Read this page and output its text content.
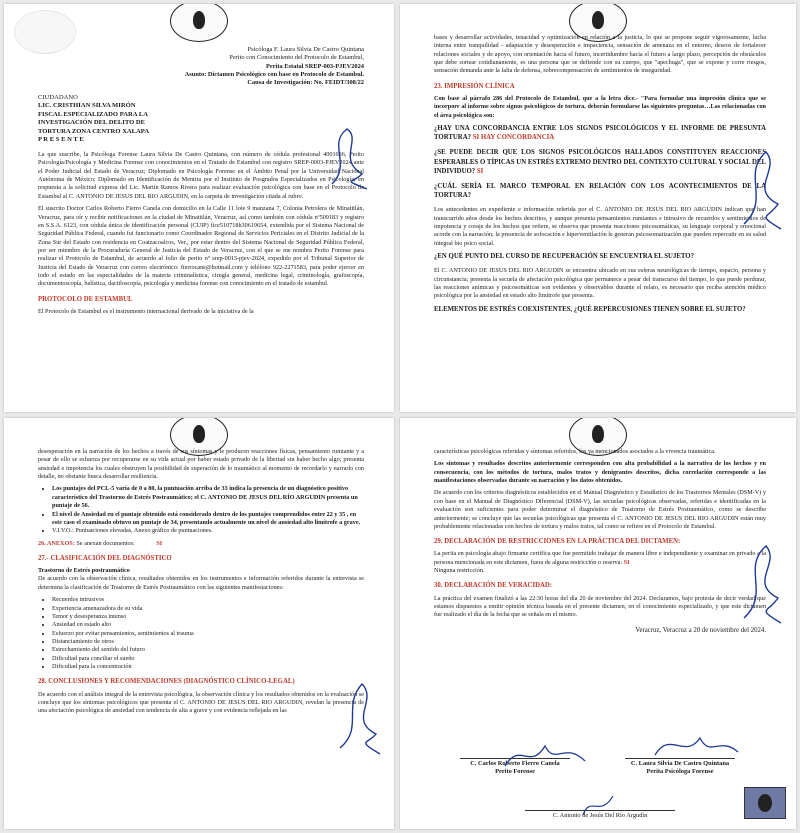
Psicóloga F. Laura Silvia De Castro Quintana
Perito con Conocimiento del Protocolo de Estambul,
Perita Estatal SREP-003-PJEV2024
Asunto: Dictamen Psicológico con base en Protocolo de Estambul.
Causa de Investigación: No. FEIDT/308/22
CIUDADANO
LIC. CRISTHIAN SILVA MIRÓN
FISCAL ESPECIALIZADO PARA LA
INVESTIGACIÓN DEL DELITO DE
TORTURA ZONA CENTRO XALAPA
P R E S E N T E

La que suscribe, la Psicóloga Forense Laura Silvia De Castro Quintana, con número de cédula profesional 4001636, Perito Psicología/Psicología y Medicina Forense con conocimientos en el Tratado de Estambul con registro SREP-0003-PJEV2024 ante el Poder Judicial del Estado de Veracruz; Diplomado en Psicología Forense en el Ámbito Penal por la Universidad Nacional Autónoma de México; Diplomado en Identificación de Mentira por el Instituto de Posgrados Especializados en Psicología; en respuesta a la solicitud expresa del Lic. Martín Ramos Rivera para realizar evaluación psicológica con base en el Protocolo de Estambul al C. ANTONIO DE JESUS DEL RIO ARGUDIN, en la carpeta de investigación citada al rubro.

El suscrito Doctor Carlos Roberto Fierro Canela con domicilio en la Calle 11 lote 9 manzana 7, Colonia Petrolera de Minatitlán, Veracruz, para oír y recibir notificaciones en la ciudad de Minatitlán, Veracruz, así como también con cédula nº509183 y registro en S.S.A. 6123, con cédula única de identificación personal (CUIP) fice510718h30619654, extendida por el Sistema Nacional de Seguridad Pública Federal, cuando fui funcionario como Coordinador Regional de Servicios Periciales en el Distrito Judicial de la Zona Sur del Estado con residencia en Coatzacoalcos, Ver., por estar dentro del Sistema Nacional de Seguridad Pública Federal, por ser miembro de la Procuraduría General de Justicia del Estado de Veracruz, con el que se me nombra Perito Forense para realizar el Protocolo de Estambul, de acuerdo al folio de perito nº srep-0013-pjev-2024, expedido por el Tribunal Superior de Justicia del Estado de Veracruz con correo electrónico: fierrocane@hotmail.com y teléfono 922-2271583, para poder ejercer en todo el estado en las especialidades de la materia criminalística, cirugía general, medicina legal, criminología, grafoscopía, documentoscopía, balística, dactiloscopía, psicología y medicina forense con conocimiento en el tratado de estambul.

PROTOCOLO DE ESTAMBUL

El Protocolo de Estambul es el instrumento internacional derivado de la iniciativa de la

bases y desarrollar actividades, tenacidad y optimización en relación a la justicia, lo que se propone seguir vigorosamente, lucha interna entre tranquilidad - adaptación y desesperación e impaciencia, sensación de amenaza en el entorno, deseos de fortalecer relaciones sociales y de apoyo, con orientación hacia el futuro, incertidumbre hacia el futuro a largo plazo, percepción de obstáculos que debe sortear cotidianamente, es una persona que se defiende con su cuerpo, que "apechuga", que se expone y corre riesgos, sensación demanda ante la falta de defensa, sobrecompensación de sentimientos de inseguridad.

23. IMPRESIÓN CLÍNICA

Con base al párrafo 286 del Protocolo de Estambul, que a la letra dice.- "Para formular una impresión clínica que se incorpore al informe sobre signos psicológicos de tortura, deberán formularse las siguientes preguntas…Las relacionadas con el área psicológica son:

¿HAY UNA CONCORDANCIA ENTRE LOS SIGNOS PSICOLÓGICOS Y EL INFORME DE PRESUNTA TORTURA? SI HAY CONCORDANCIA
¿SE PUEDE DECIR QUE LOS SIGNOS PSICOLÓGICOS HALLADOS CONSTITUYEN REACCIONES ESPERABLES O TÍPICAS UN ESTRÉS EXTREMO DENTRO DEL CONTEXTO CULTURAL Y SOCIAL DEL INDIVIDUO? SI
¿CUÁL SERÍA EL MARCO TEMPORAL EN RELACIÓN CON LOS ACONTECIMIENTOS DE LA TORTURA?

Los antecedentes en expediente e información referida por el C. ANTONIO DE JESUS DEL RIO ARGUDIN indican que han transcurrido años desde los hechos descritos, y aunque presenta pensamientos rumiantes e intrusivo de recuerdos y sentimientos de impotencia y coraje de los hechos que refiere, se observa que presenta reacciones psicosomáticas, su lenguaje corporal y emocional acorde con la narración; la presencia de sofocación e hipervenitlación le generan psicosomatización que pueden repercutir en su salud integral bio psico social.

¿EN QUÉ PUNTO DEL CURSO DE RECUPERACIÓN SE ENCUENTRA EL SUJETO?

El C. ANTONIO DE JESUS DEL RIO ARGUDIN se encuentra ubicado en sus esferas neurológicas de tiempo, espacio, persona y circunstancia; presenta la secuela de afectación psicológica que permanece a pesar del transcurso del tiempo, lo que puede perdurar, las reacciones anímicas y psicosomáticas son evidentes y observables durante el relato, es necesario que reciba atención médico psicológica por la ansiedad en estado alto limítrofe que presenta.

ELEMENTOS DE ESTRÉS COEXISTENTES, ¿QUÉ REPERCUSIONES TIENEN SOBRE EL SUJETO?

desesperación en la narración de los hechos a través de sus síntomas y le producen reacciones físicas, pensamiento rumiante y a pesar de ello se esfuerza por recuperarse en su vida actual por haber estado privado de la libertad sin haber hecho algo; presenta ansiedad e impotencia los cuales obstruyen la posibilidad de superación de lo traumático al momento de recordarlo y narrarlo con detalle, no obstante busca desarrollar resiliencia.

• Los puntajes del PCL-5 varía de 0 a 80, la puntuación arriba de 33 indica la presencia de un diagnóstico positivo característico del Trastorno de Estrés Postraumático; el C. ANTONIO DE JESUS DEL RÍO ARGUDIN presenta un puntaje de 56.
• El nivel de Ansiedad en el puntaje obtenido está considerado dentro de los puntajes comprendidos entre 22 y 35 , en este caso el examinado obtuvo un puntaje de 34, presentando actualmente un nivel de ansiedad alto limítrofe a grave.
• V.I.V.O.: Puntuaciones elevadas, Anexo gráfico de puntuaciones.
26. ANEXOS: Se anexan documentos:	SI
27.- CLASIFICACIÓN DEL DIAGNÓSTICO
Trastorno de Estrés postraumático

De acuerdo con la observación clínica, resultados obtenidos en los instrumentos e información referidos durante la entrevista se determina la clasificación de Trastorno de Estrés Postraumático con las siguientes manifestaciones:

• Recuerdos intrusivos
• Experiencia amenazadora de su vida
• Temor y desesperanza intenso
• Ansiedad en estado alto
• Esfuerzo por evitar pensamientos, sentimientos al trauma
• Distanciamiento de otros
• Estrechamiento del sentido del futuro
• Dificultad para conciliar el sueño
• Dificultad para la concentración
28. CONCLUSIONES Y RECOMENDACIONES (DIAGNÓSTICO CLÍNICO-LEGAL)

De acuerdo con el análisis integral de la entrevista psicológica, la observación clínica y los resultados obtenidos en la evaluación se concluye que los síntomas psicológicos que presenta el C. ANTONIO DE JESUS DEL RIO ARGUDIN, revelan la presencia de una afectación psicológica de ansiedad con tendencia de alta a grave y con evidencia reflejada en las

características psicológicas referidas y síntomas referidos, los ya mencionados asociados a la vivencia traumática.

Los síntomas y resultados descritos anteriormente corresponden con alta probabilidad a la narrativa de los hechos y en consecuencia, con los métodos de tortura, malos tratos y denigrantes descritos, dicha correlación corresponde a las manifestaciones observadas durante su narración y los datos obtenidos.

De acuerdo con los criterios diagnósticos establecidos en el Manual Diagnóstico y Estadístico de los Trastornos Mentales (DSM-V) y con base en el Manual de Diagnóstico Diferencial (DSM-V), las secuelas psicológicas observadas, referidas e identificadas en la evaluación son suficientes para poder determinar el diagnóstico de Trastorno de Estrés Postraumático, como se describe anteriormente; se concluye que las secuelas psicológicas que presenta el C. ANTONIO DE JESUS DEL RIO ARGUDIN están muy probablemente relacionadas con hechos de tortura y malos tratos, tal como se refiere en el Protocolo de Estambul.

29. DECLARACIÓN DE RESTRICCIONES EN LA PRÁCTICA DEL DICTAMEN:

La perita en psicología abajo firmante certifica que fue permitido trabajar de manera libre e independiente y examinar en privado a la persona mencionada en este dictamen, fuera de alguna restricción o reserva: SI
Ninguna restricción.

30. DECLARACIÓN DE VERACIDAD:

La práctica del examen finalizó a las 22:30 horas del día 20 de noviembre del 2024. Declaramos, bajo protesta de decir verdad que estamos dispuestos a emitir opinión técnica basada en el presente dictamen, en el conocimiento especializado, y que este dictamen fue realizado el día de la fecha que se señala en el mismo.

Veracruz, Veracruz a 20 de noviembre del 2024.
C. Carlos Roberto Fierro Canela
Perito Forense
C. Laura Silvia De Castro Quintana
Perita Psicóloga Forense
C. Antonio de Jesús Del Río Argudín
